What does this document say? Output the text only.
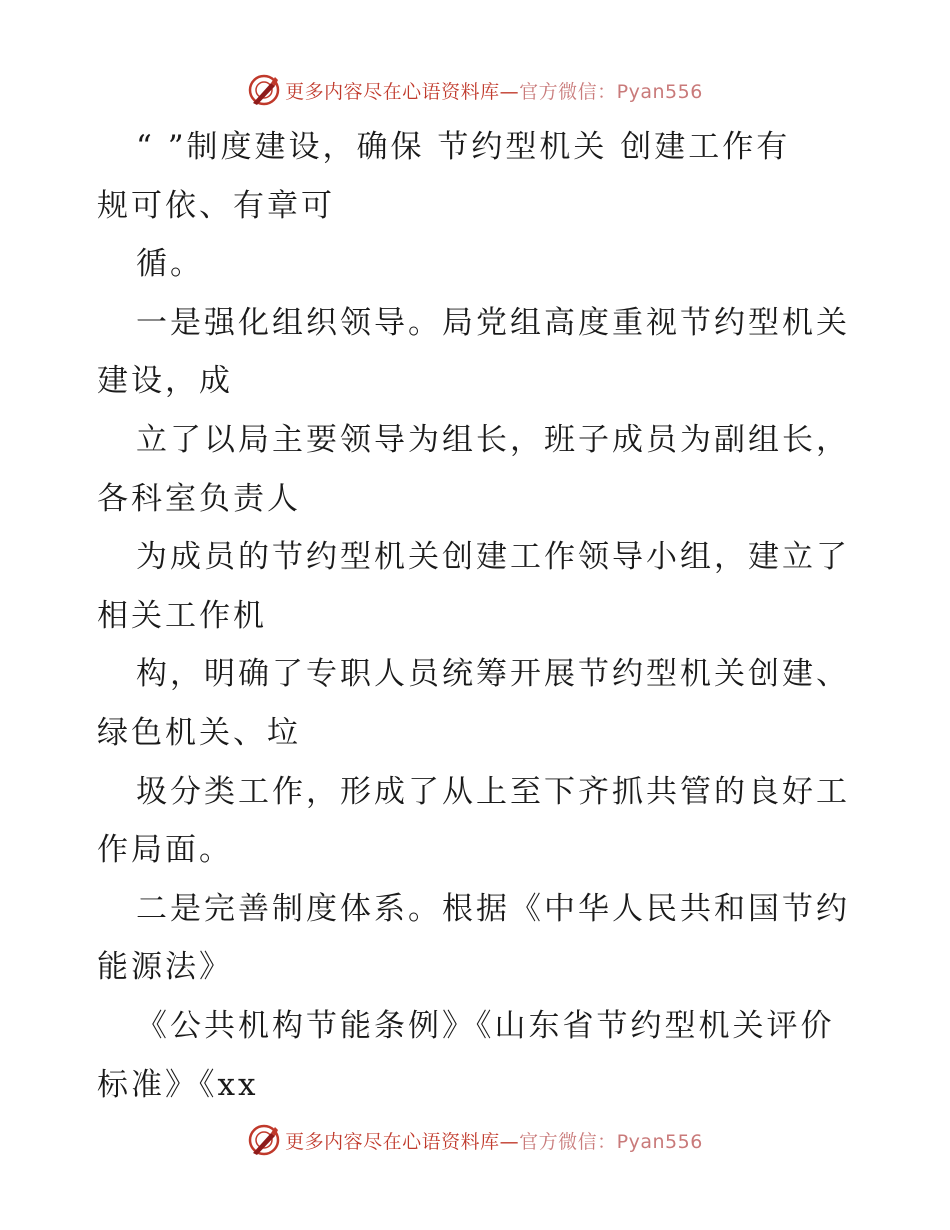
更多内容尽在心语资料库—官方微信：Pyan556
“ ”制度建设，确保 节约型机关 创建工作有
规可依、有章可
循。
一是强化组织领导。局党组高度重视节约型机关
建设，成
立了以局主要领导为组长，班子成员为副组长，
各科室负责人
为成员的节约型机关创建工作领导小组，建立了
相关工作机
构，明确了专职人员统筹开展节约型机关创建、
绿色机关、垃
圾分类工作，形成了从上至下齐抓共管的良好工
作局面。
二是完善制度体系。根据《中华人民共和国节约
能源法》
《公共机构节能条例》《山东省节约型机关评价
标准》《xx
更多内容尽在心语资料库—官方微信：Pyan556
